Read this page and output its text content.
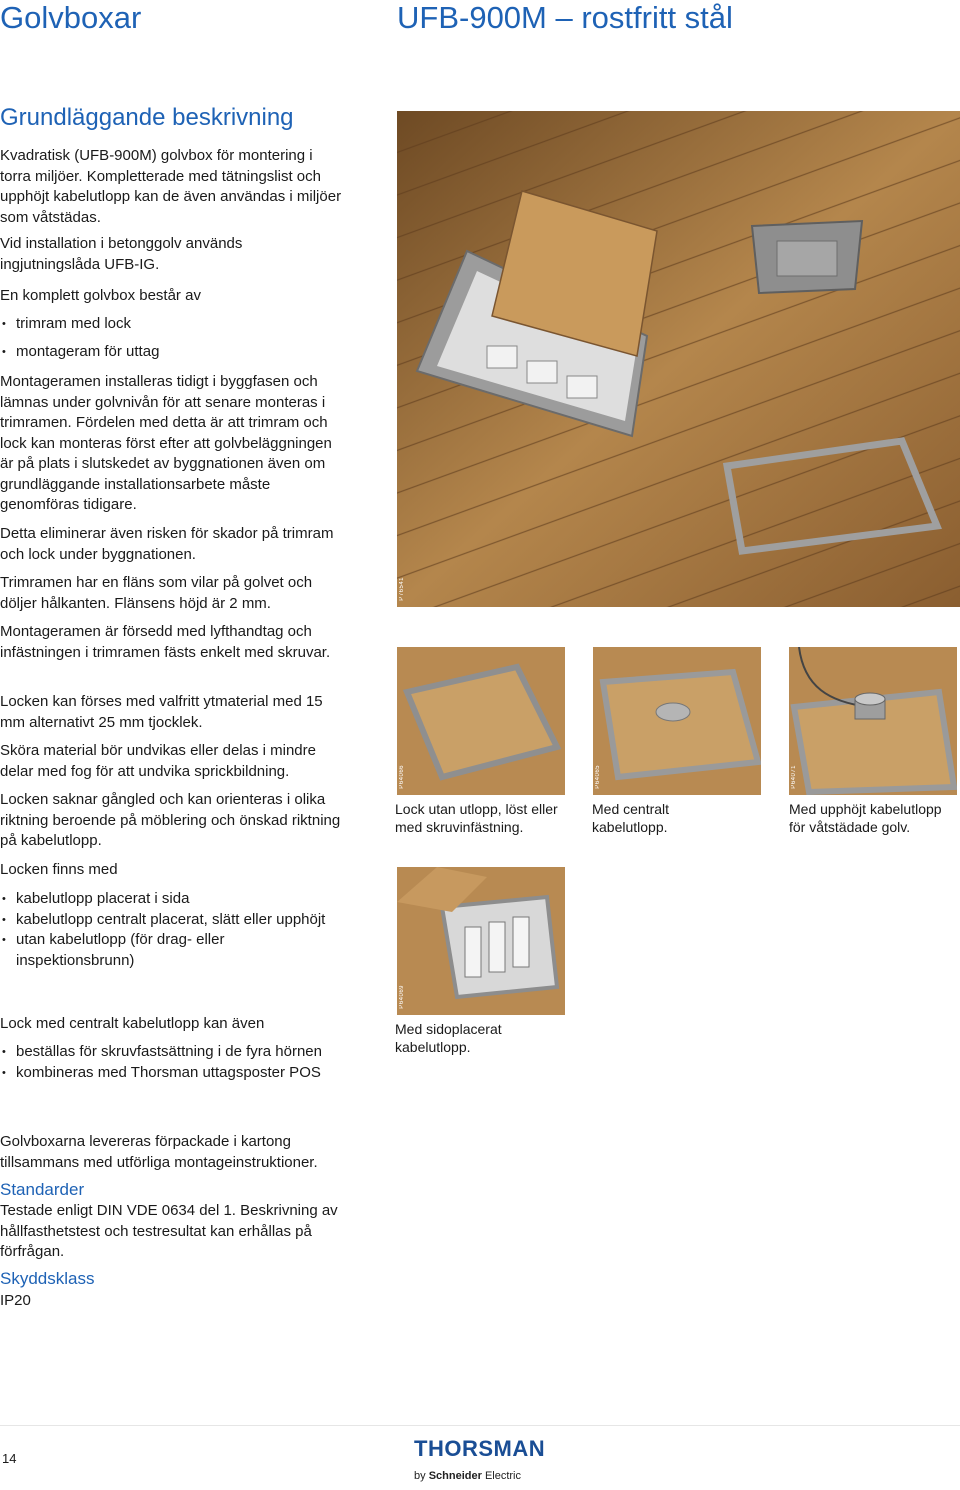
Golvboxar	UFB-900M – rostfritt stål
Grundläggande beskrivning

Kvadratisk (UFB-900M) golvbox för montering i torra miljöer. Kompletterade med tätningslist och upphöjt kabelutlopp kan de även användas i miljöer som våtstädas.

Vid installation i betonggolv används ingjutningslåda UFB-IG.

En komplett golvbox består av

• trimram med lock
• montageram för uttag

Montageramen installeras tidigt i byggfasen och lämnas under golvnivån för att senare monteras i trimramen. Fördelen med detta är att trimram och lock kan monteras först efter att golvbeläggningen är på plats i slutskedet av byggnationen även om grundläggande installationsarbete måste genomföras tidigare.

Detta eliminerar även risken för skador på trimram och lock under byggnationen.

Trimramen har en fläns som vilar på golvet och döljer hålkanten. Flänsens höjd är 2 mm.

Montageramen är försedd med lyfthandtag och infästningen i trimramen fästs enkelt med skruvar.

Locken kan förses med valfritt ytmaterial med 15 mm alternativt 25 mm tjocklek.

Sköra material bör undvikas eller delas i mindre delar med fog för att undvika sprickbildning.

Locken saknar gångled och kan orienteras i olika riktning beroende på möblering och önskad riktning på kabelutlopp.

Locken finns med

• kabelutlopp placerat i sida
• kabelutlopp centralt placerat, slätt eller upphöjt
• utan kabelutlopp (för drag- eller inspektionsbrunn)

Lock med centralt kabelutlopp kan även

• beställas för skruvfastsättning i de fyra hörnen
• kombineras med Thorsman uttagsposter POS

Golvboxarna levereras förpackade i kartong tillsammans med utförliga montageinstruktioner.

Standarder

Testade enligt DIN VDE 0634 del 1. Beskrivning av hållfasthetstest och testresultat kan erhållas på förfrågan.

Skyddsklass

IP20

P76541
P64066	P64065	P64071

Lock utan utlopp, löst eller med skruvinfästning.

Med centralt kabelutlopp.

Med upphöjt kabelutlopp för våtstädade golv.

P64069

Med sidoplacerat kabelutlopp.

14	THORSMAN
by Schneider Electric
